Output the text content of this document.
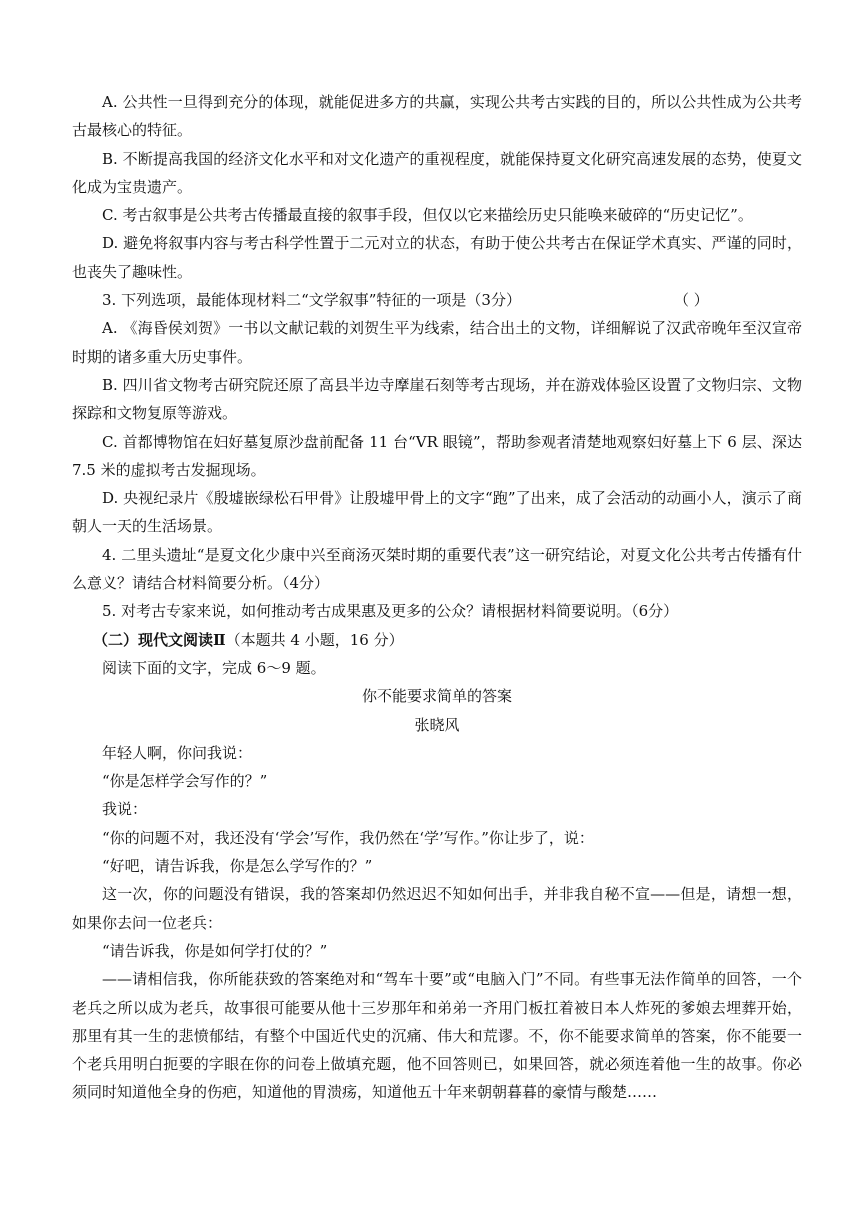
A. 公共性一旦得到充分的体现，就能促进多方的共赢，实现公共考古实践的目的，所以公共性成为公共考古最核心的特征。

B. 不断提高我国的经济文化水平和对文化遗产的重视程度，就能保持夏文化研究高速发展的态势，使夏文化成为宝贵遗产。

C. 考古叙事是公共考古传播最直接的叙事手段，但仅以它来描绘历史只能唤来破碎的“历史记忆”。

D. 避免将叙事内容与考古科学性置于二元对立的状态，有助于使公共考古在保证学术真实、严谨的同时，也丧失了趣味性。

3. 下列选项，最能体现材料二“文学叙事”特征的一项是（3分）	（ ）

A. 《海昏侯刘贺》一书以文献记载的刘贺生平为线索，结合出土的文物，详细解说了汉武帝晚年至汉宣帝时期的诸多重大历史事件。

B. 四川省文物考古研究院还原了高县半边寺摩崖石刻等考古现场，并在游戏体验区设置了文物归宗、文物探踪和文物复原等游戏。

C. 首都博物馆在妇好墓复原沙盘前配备 11 台“VR 眼镜”，帮助参观者清楚地观察妇好墓上下 6 层、深达 7.5 米的虚拟考古发掘现场。

D. 央视纪录片《殷墟嵌绿松石甲骨》让殷墟甲骨上的文字“跑”了出来，成了会活动的动画小人，演示了商朝人一天的生活场景。

4. 二里头遗址“是夏文化少康中兴至商汤灭桀时期的重要代表”这一研究结论，对夏文化公共考古传播有什么意义？请结合材料简要分析。（4分）

5. 对考古专家来说，如何推动考古成果惠及更多的公众？请根据材料简要说明。（6分）

（二）现代文阅读Ⅱ（本题共 4 小题，16 分）

阅读下面的文字，完成 6～9 题。

你不能要求简单的答案

张晓风

年轻人啊，你问我说：

“你是怎样学会写作的？”

我说：

“你的问题不对，我还没有‘学会’写作，我仍然在‘学’写作。”你让步了，说：

“好吧，请告诉我，你是怎么学写作的？”

这一次，你的问题没有错误，我的答案却仍然迟迟不知如何出手，并非我自秘不宣——但是，请想一想，如果你去问一位老兵：

“请告诉我，你是如何学打仗的？”

——请相信我，你所能获致的答案绝对和“驾车十要”或“电脑入门”不同。有些事无法作简单的回答，一个老兵之所以成为老兵，故事很可能要从他十三岁那年和弟弟一齐用门板扛着被日本人炸死的爹娘去埋葬开始，那里有其一生的悲愤郁结，有整个中国近代史的沉痛、伟大和荒谬。不，你不能要求简单的答案，你不能要一个老兵用明白扼要的字眼在你的问卷上做填充题，他不回答则已，如果回答，就必须连着他一生的故事。你必须同时知道他全身的伤疤，知道他的胃溃疡，知道他五十年来朝朝暮暮的豪情与酸楚……
